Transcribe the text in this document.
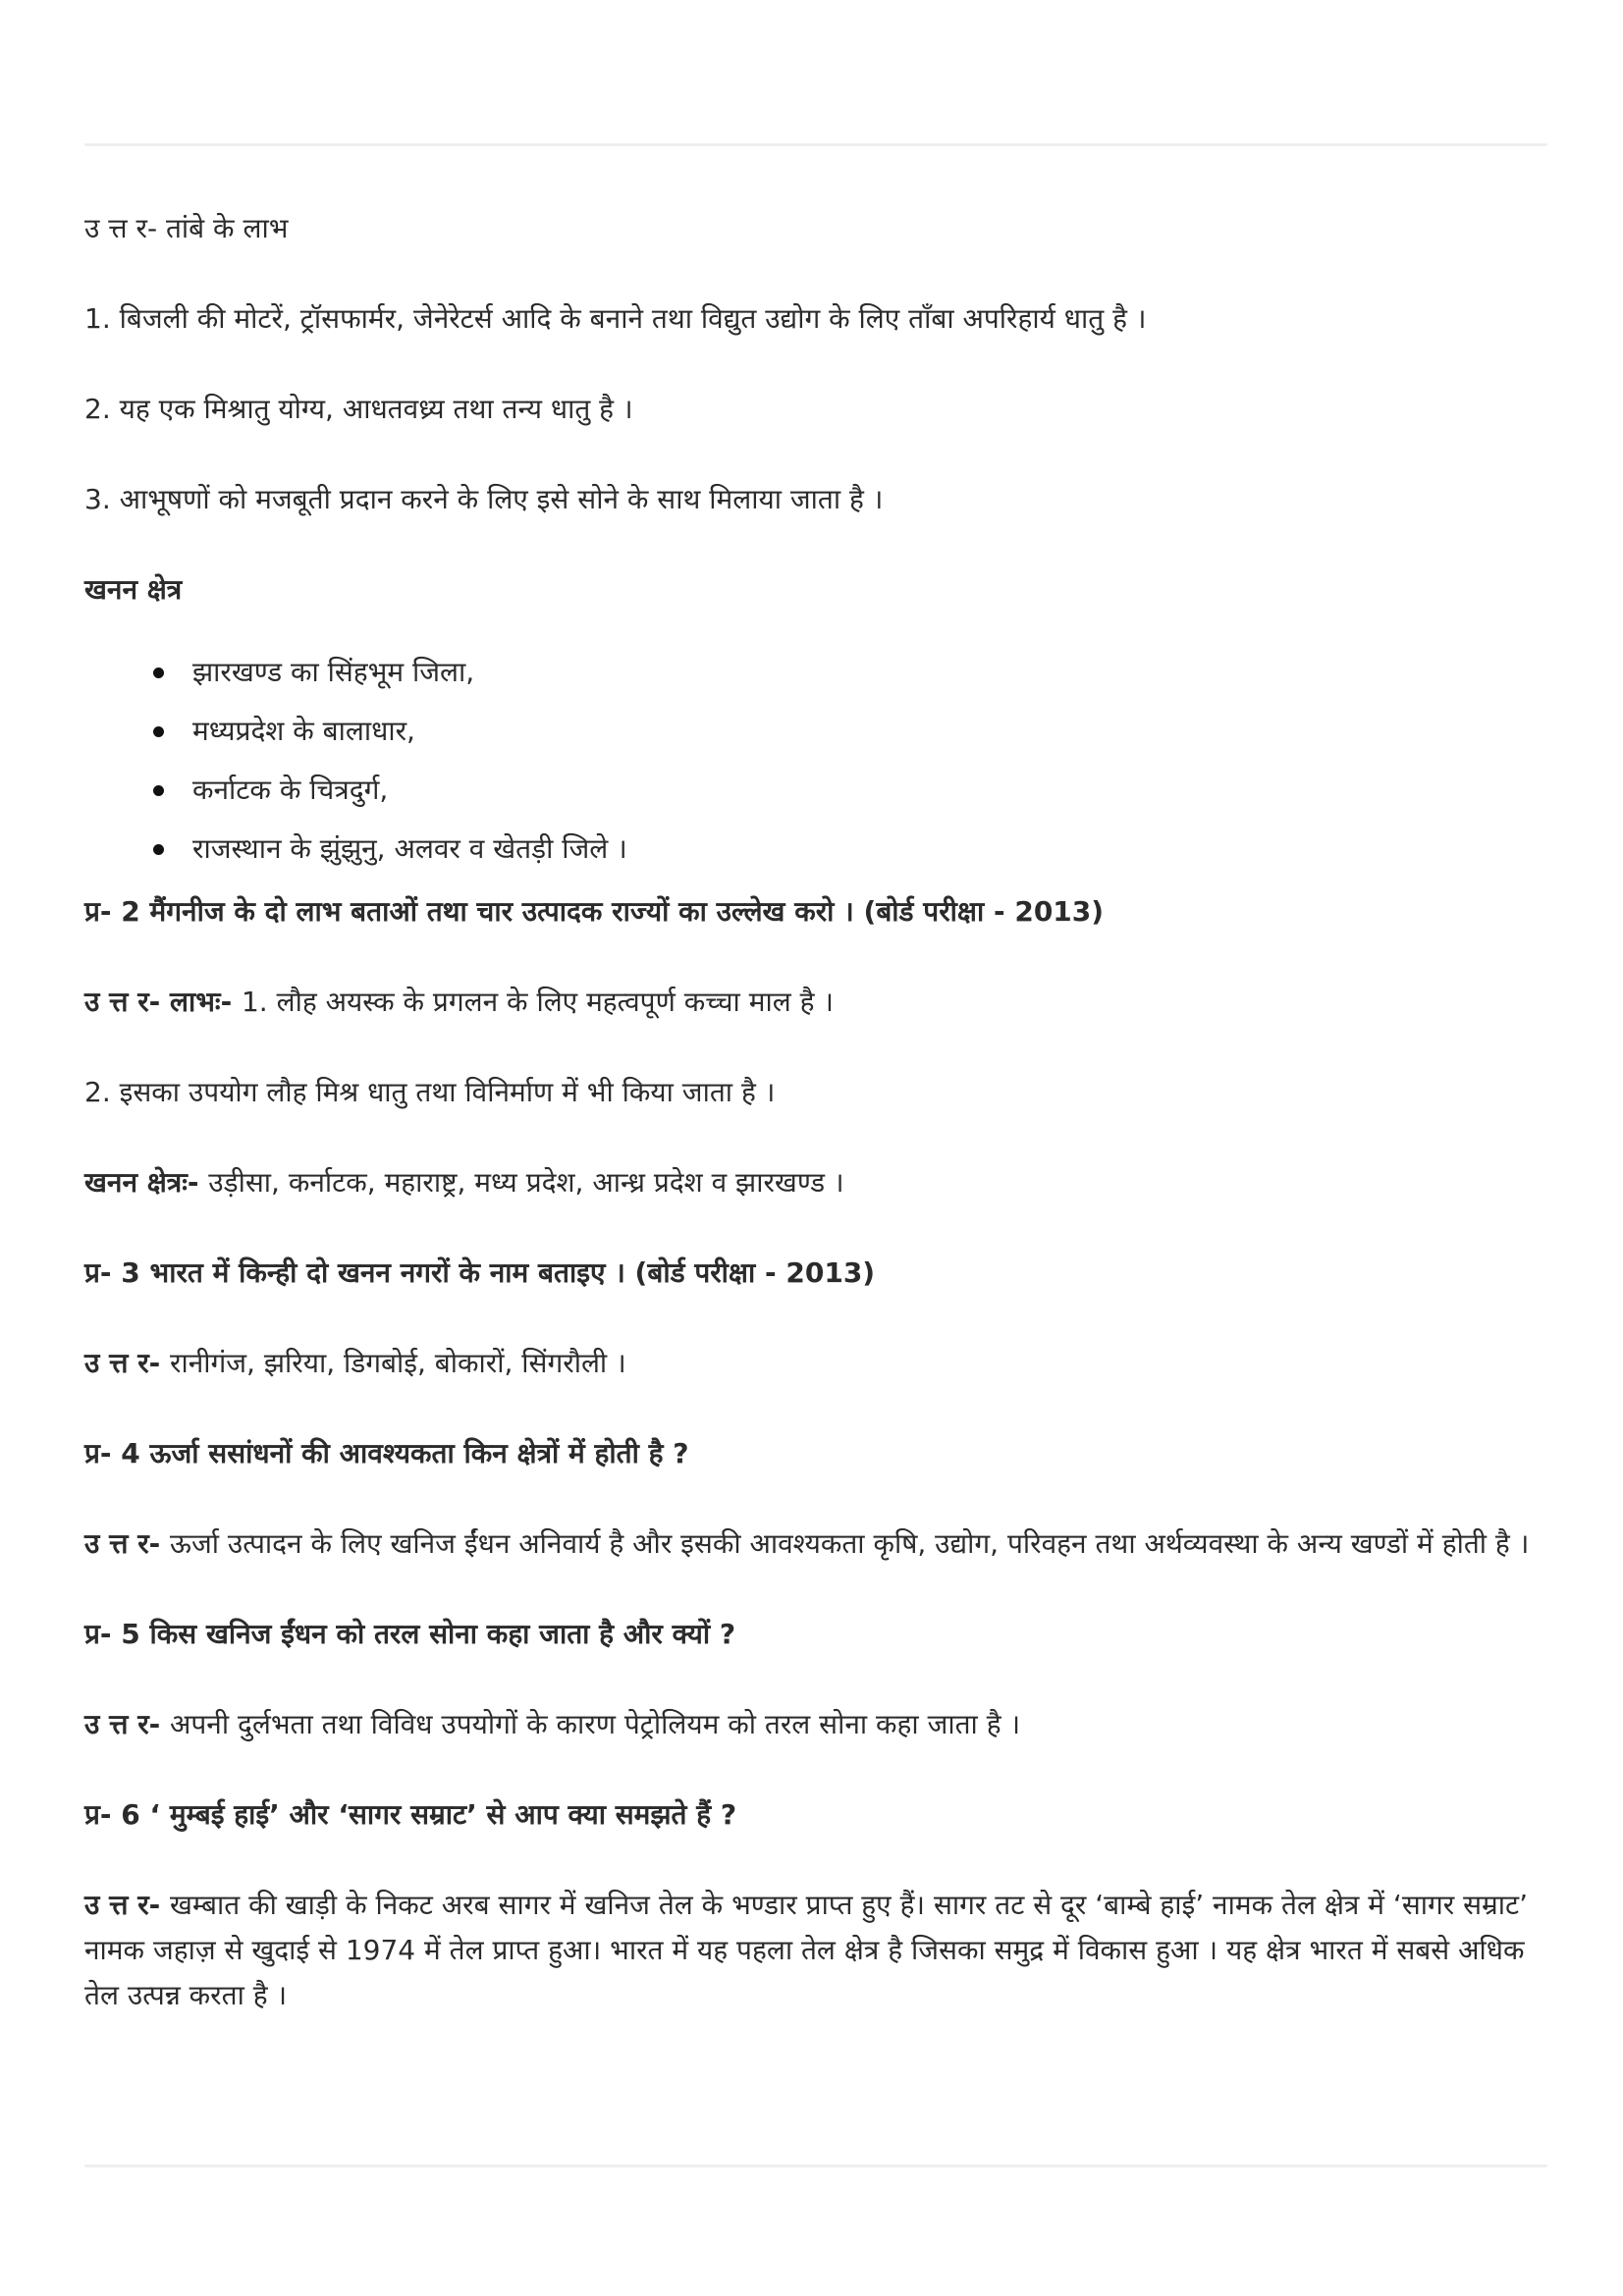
उ त्त र- तांबे के लाभ

1. बिजली की मोटरें, ट्रॉसफार्मर, जेनेरेटर्स आदि के बनाने तथा विद्युत उद्योग के लिए ताँबा अपरिहार्य धातु है ।

2. यह एक मिश्रातु योग्य, आधतवध्र्य तथा तन्य धातु है ।

3. आभूषणों को मजबूती प्रदान करने के लिए इसे सोने के साथ मिलाया जाता है ।

खनन क्षेत्र

झारखण्ड का सिंहभूम जिला,
मध्यप्रदेश के बालाधार,
कर्नाटक के चित्रदुर्ग,
राजस्थान के झुंझुनु, अलवर व खेतड़ी जिले ।

प्र- 2 मैंगनीज के दो लाभ बताओं तथा चार उत्पादक राज्यों का उल्लेख करो । (बोर्ड परीक्षा - 2013)

उ त्त र- लाभः- 1. लौह अयस्क के प्रगलन के लिए महत्वपूर्ण कच्चा माल है ।

2. इसका उपयोग लौह मिश्र धातु तथा विनिर्माण में भी किया जाता है ।

खनन क्षेत्रः- उड़ीसा, कर्नाटक, महाराष्ट्र, मध्य प्रदेश, आन्ध्र प्रदेश व झारखण्ड ।

प्र- 3 भारत में किन्ही दो खनन नगरों के नाम बताइए । (बोर्ड परीक्षा - 2013)

उ त्त र- रानीगंज, झरिया, डिगबोई, बोकारों, सिंगरौली ।

प्र- 4 ऊर्जा ससांधनों की आवश्यकता किन क्षेत्रों में होती है ?

उ त्त र- ऊर्जा उत्पादन के लिए खनिज ईंधन अनिवार्य है और इसकी आवश्यकता कृषि, उद्योग, परिवहन तथा अर्थव्यवस्था के अन्य खण्डों में होती है ।

प्र- 5 किस खनिज ईंधन को तरल सोना कहा जाता है और क्यों ?

उ त्त र- अपनी दुर्लभता तथा विविध उपयोगों के कारण पेट्रोलियम को तरल सोना कहा जाता है ।

प्र- 6 ‘ मुम्बई हाई’ और ‘सागर सम्राट’ से आप क्या समझते हैं ?

उ त्त र- खम्बात की खाड़ी के निकट अरब सागर में खनिज तेल के भण्डार प्राप्त हुए हैं। सागर तट से दूर ‘बाम्बे हाई’ नामक तेल क्षेत्र में ‘सागर सम्राट’ नामक जहाज़ से खुदाई से 1974 में तेल प्राप्त हुआ। भारत में यह पहला तेल क्षेत्र है जिसका समुद्र में विकास हुआ । यह क्षेत्र भारत में सबसे अधिक तेल उत्पन्न करता है ।
